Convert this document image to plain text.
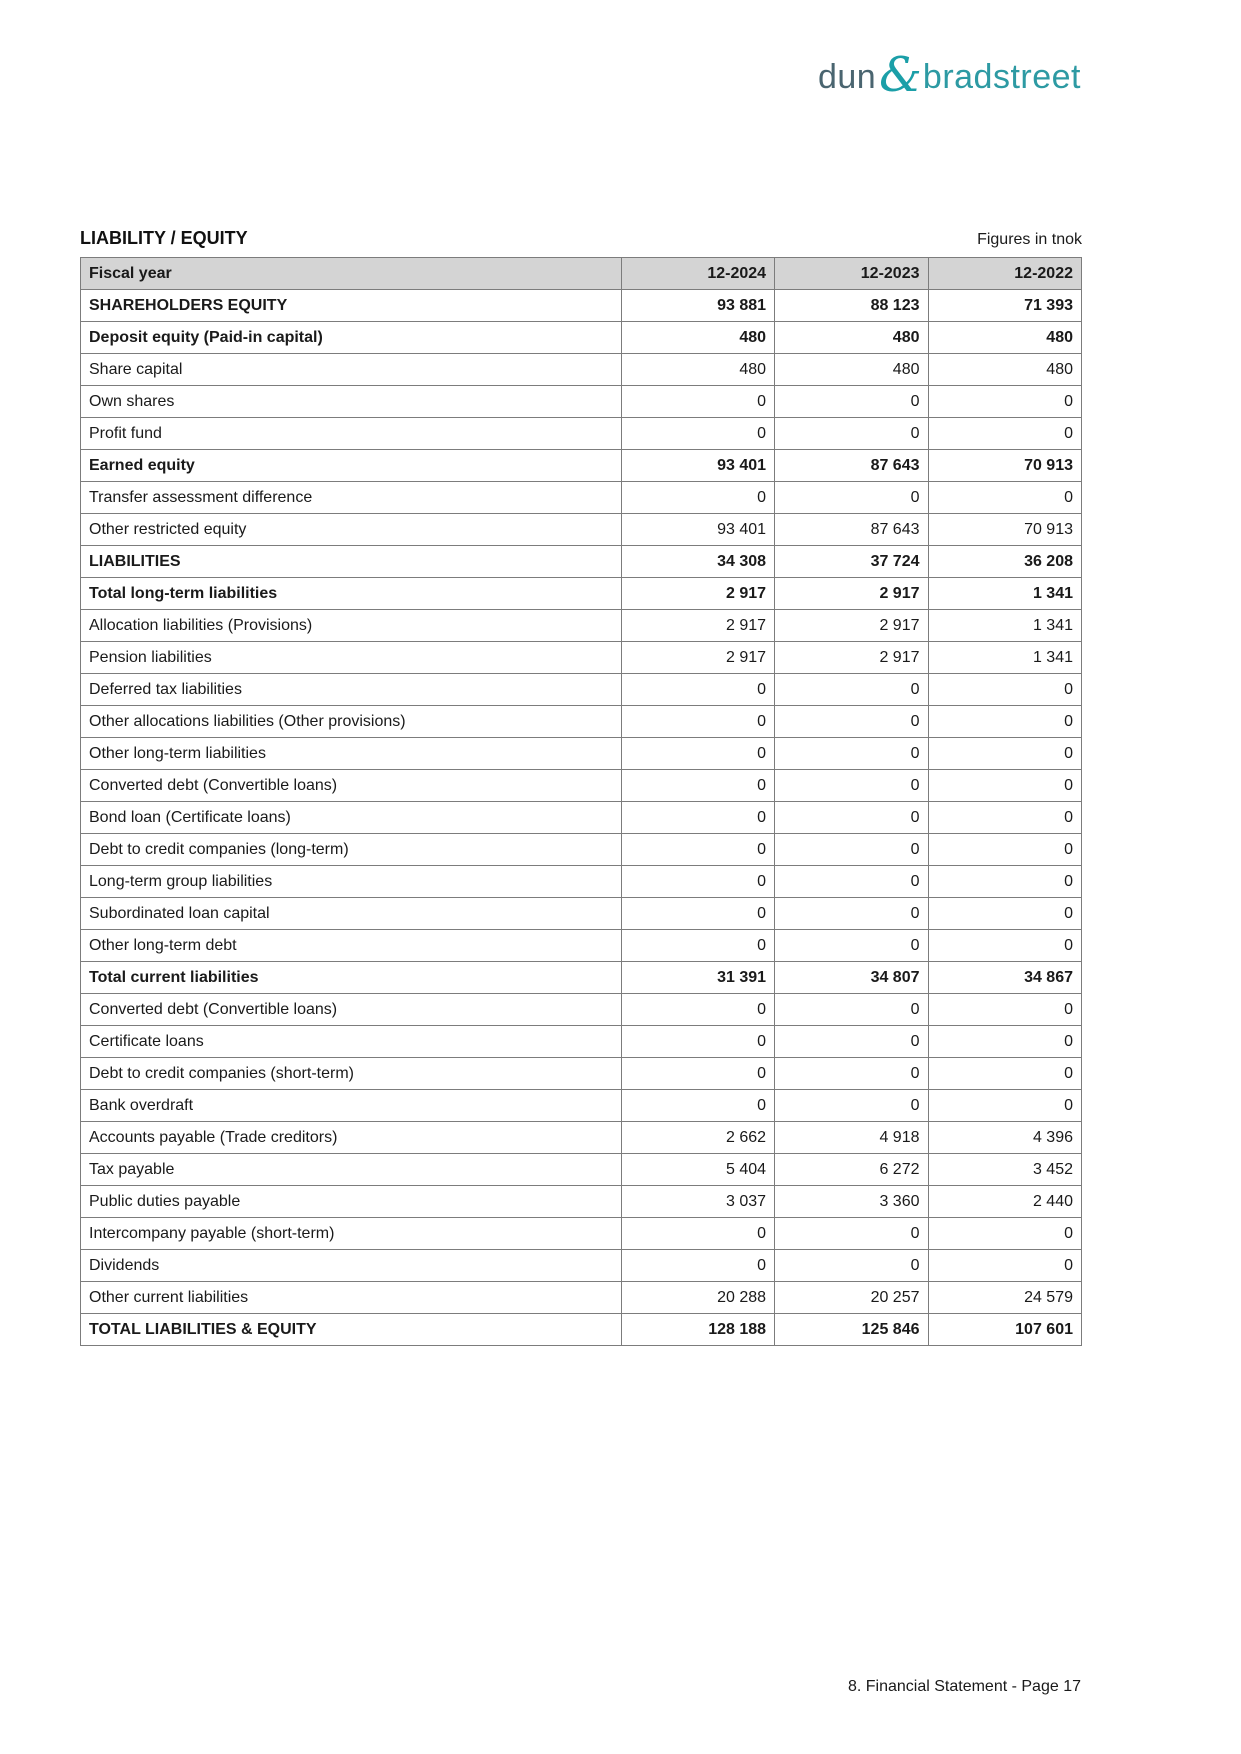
dun & bradstreet
LIABILITY / EQUITY	Figures in tnok
Fiscal year	12-2024	12-2023	12-2022
SHAREHOLDERS EQUITY	93 881	88 123	71 393
Deposit equity (Paid-in capital)	480	480	480
Share capital	480	480	480
Own shares	0	0	0
Profit fund	0	0	0
Earned equity	93 401	87 643	70 913
Transfer assessment difference	0	0	0
Other restricted equity	93 401	87 643	70 913
LIABILITIES	34 308	37 724	36 208
Total long-term liabilities	2 917	2 917	1 341
Allocation liabilities (Provisions)	2 917	2 917	1 341
Pension liabilities	2 917	2 917	1 341
Deferred tax liabilities	0	0	0
Other allocations liabilities (Other provisions)	0	0	0
Other long-term liabilities	0	0	0
Converted debt (Convertible loans)	0	0	0
Bond loan (Certificate loans)	0	0	0
Debt to credit companies (long-term)	0	0	0
Long-term group liabilities	0	0	0
Subordinated loan capital	0	0	0
Other long-term debt	0	0	0
Total current liabilities	31 391	34 807	34 867
Converted debt (Convertible loans)	0	0	0
Certificate loans	0	0	0
Debt to credit companies (short-term)	0	0	0
Bank overdraft	0	0	0
Accounts payable (Trade creditors)	2 662	4 918	4 396
Tax payable	5 404	6 272	3 452
Public duties payable	3 037	3 360	2 440
Intercompany payable (short-term)	0	0	0
Dividends	0	0	0
Other current liabilities	20 288	20 257	24 579
TOTAL LIABILITIES & EQUITY	128 188	125 846	107 601
8. Financial Statement - Page 17
